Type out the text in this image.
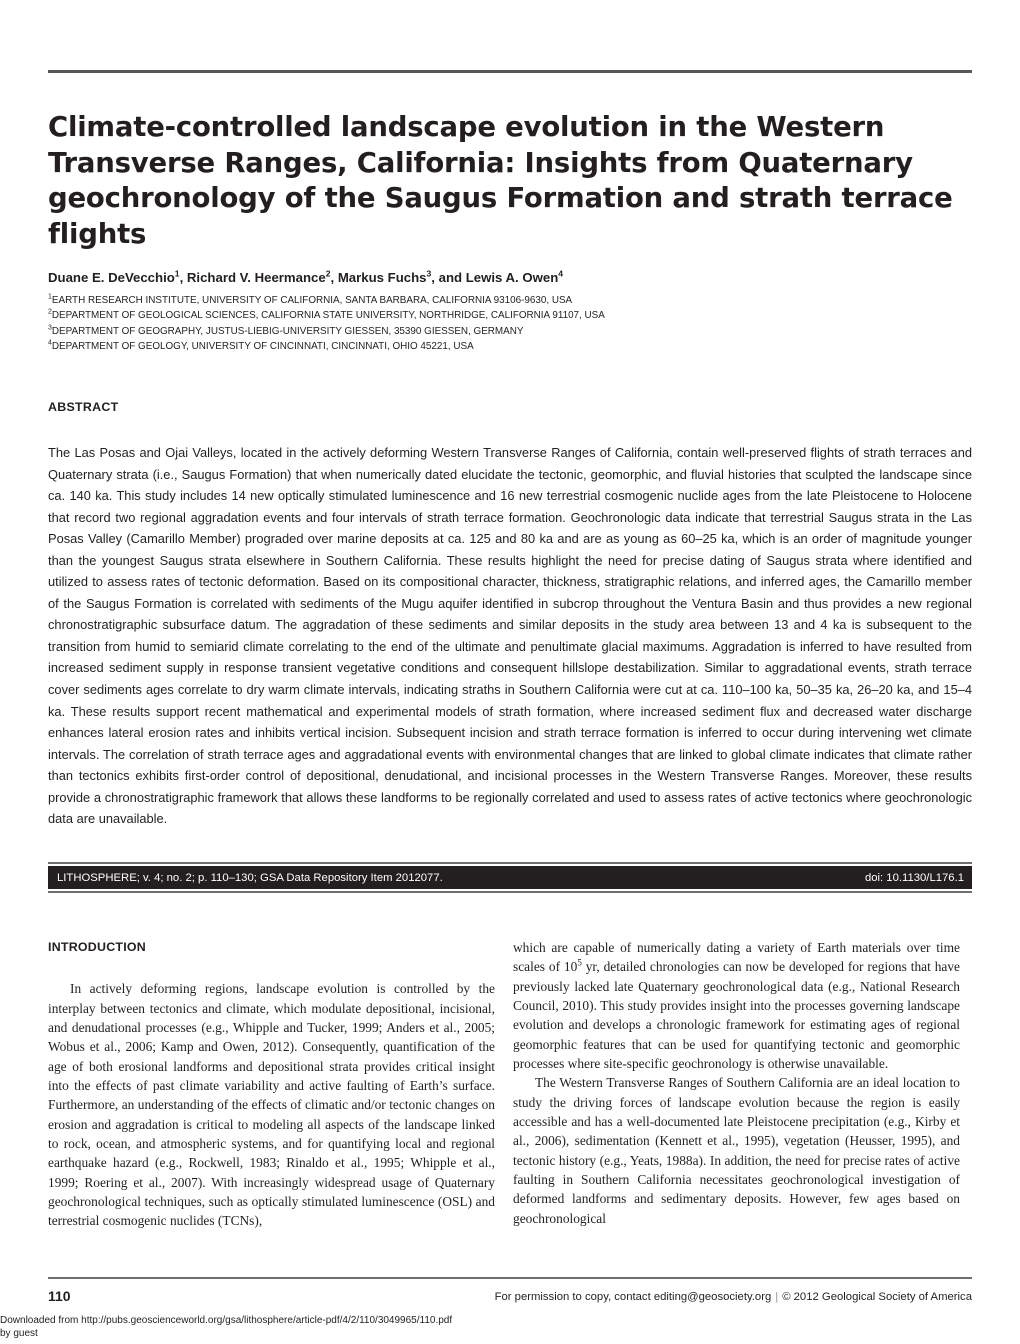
Climate-controlled landscape evolution in the Western Transverse Ranges, California: Insights from Quaternary geochronology of the Saugus Formation and strath terrace flights
Duane E. DeVecchio$^1$, Richard V. Heermance$^2$, Markus Fuchs$^3$, and Lewis A. Owen$^4$
$^1$EARTH RESEARCH INSTITUTE, UNIVERSITY OF CALIFORNIA, SANTA BARBARA, CALIFORNIA 93106-9630, USA
$^2$DEPARTMENT OF GEOLOGICAL SCIENCES, CALIFORNIA STATE UNIVERSITY, NORTHRIDGE, CALIFORNIA 91107, USA
$^3$DEPARTMENT OF GEOGRAPHY, JUSTUS-LIEBIG-UNIVERSITY GIESSEN, 35390 GIESSEN, GERMANY
$^4$DEPARTMENT OF GEOLOGY, UNIVERSITY OF CINCINNATI, CINCINNATI, OHIO 45221, USA
ABSTRACT
The Las Posas and Ojai Valleys, located in the actively deforming Western Transverse Ranges of California, contain well-preserved flights of strath terraces and Quaternary strata (i.e., Saugus Formation) that when numerically dated elucidate the tectonic, geomorphic, and fluvial histories that sculpted the landscape since ca. 140 ka. This study includes 14 new optically stimulated luminescence and 16 new terrestrial cosmogenic nuclide ages from the late Pleistocene to Holocene that record two regional aggradation events and four intervals of strath terrace formation. Geochronologic data indicate that terrestrial Saugus strata in the Las Posas Valley (Camarillo Member) prograded over marine deposits at ca. 125 and 80 ka and are as young as 60–25 ka, which is an order of magnitude younger than the youngest Saugus strata elsewhere in Southern California. These results highlight the need for precise dating of Saugus strata where identified and utilized to assess rates of tectonic deformation. Based on its compositional character, thickness, stratigraphic relations, and inferred ages, the Camarillo member of the Saugus Formation is correlated with sediments of the Mugu aquifer identified in subcrop throughout the Ventura Basin and thus provides a new regional chronostratigraphic subsurface datum. The aggradation of these sediments and similar deposits in the study area between 13 and 4 ka is subsequent to the transition from humid to semiarid climate correlating to the end of the ultimate and penultimate glacial maximums. Aggradation is inferred to have resulted from increased sediment supply in response transient vegetative conditions and consequent hillslope destabilization. Similar to aggradational events, strath terrace cover sediments ages correlate to dry warm climate intervals, indicating straths in Southern California were cut at ca. 110–100 ka, 50–35 ka, 26–20 ka, and 15–4 ka. These results support recent mathematical and experimental models of strath formation, where increased sediment flux and decreased water discharge enhances lateral erosion rates and inhibits vertical incision. Subsequent incision and strath terrace formation is inferred to occur during intervening wet climate intervals. The correlation of strath terrace ages and aggradational events with environmental changes that are linked to global climate indicates that climate rather than tectonics exhibits first-order control of depositional, denudational, and incisional processes in the Western Transverse Ranges. Moreover, these results provide a chronostratigraphic framework that allows these landforms to be regionally correlated and used to assess rates of active tectonics where geochronologic data are unavailable.
LITHOSPHERE; v. 4; no. 2; p. 110–130; GSA Data Repository Item 2012077.	doi: 10.1130/L176.1
INTRODUCTION

In actively deforming regions, landscape evolution is controlled by the interplay between tectonics and climate, which modulate depositional, incisional, and denudational processes (e.g., Whipple and Tucker, 1999; Anders et al., 2005; Wobus et al., 2006; Kamp and Owen, 2012). Consequently, quantification of the age of both erosional landforms and depositional strata provides critical insight into the effects of past climate variability and active faulting of Earth’s surface. Furthermore, an understanding of the effects of climatic and/or tectonic changes on erosion and aggradation is critical to modeling all aspects of the landscape linked to rock, ocean, and atmospheric systems, and for quantifying local and regional earthquake hazard (e.g., Rockwell, 1983; Rinaldo et al., 1995; Whipple et al., 1999; Roering et al., 2007). With increasingly widespread usage of Quaternary geochronological techniques, such as optically stimulated luminescence (OSL) and terrestrial cosmogenic nuclides (TCNs),

which are capable of numerically dating a variety of Earth materials over time scales of $10^5$ yr, detailed chronologies can now be developed for regions that have previously lacked late Quaternary geochronological data (e.g., National Research Council, 2010). This study provides insight into the processes governing landscape evolution and develops a chronologic framework for estimating ages of regional geomorphic features that can be used for quantifying tectonic and geomorphic processes where site-specific geochronology is otherwise unavailable.

The Western Transverse Ranges of Southern California are an ideal location to study the driving forces of landscape evolution because the region is easily accessible and has a well-documented late Pleistocene precipitation (e.g., Kirby et al., 2006), sedimentation (Kennett et al., 1995), vegetation (Heusser, 1995), and tectonic history (e.g., Yeats, 1988a). In addition, the need for precise rates of active faulting in Southern California necessitates geochronological investigation of deformed landforms and sedimentary deposits. However, few ages based on geochronological

110	For permission to copy, contact editing@geosociety.org | © 2012 Geological Society of America
Downloaded from http://pubs.geoscienceworld.org/gsa/lithosphere/article-pdf/4/2/110/3049965/110.pdf
by guest
